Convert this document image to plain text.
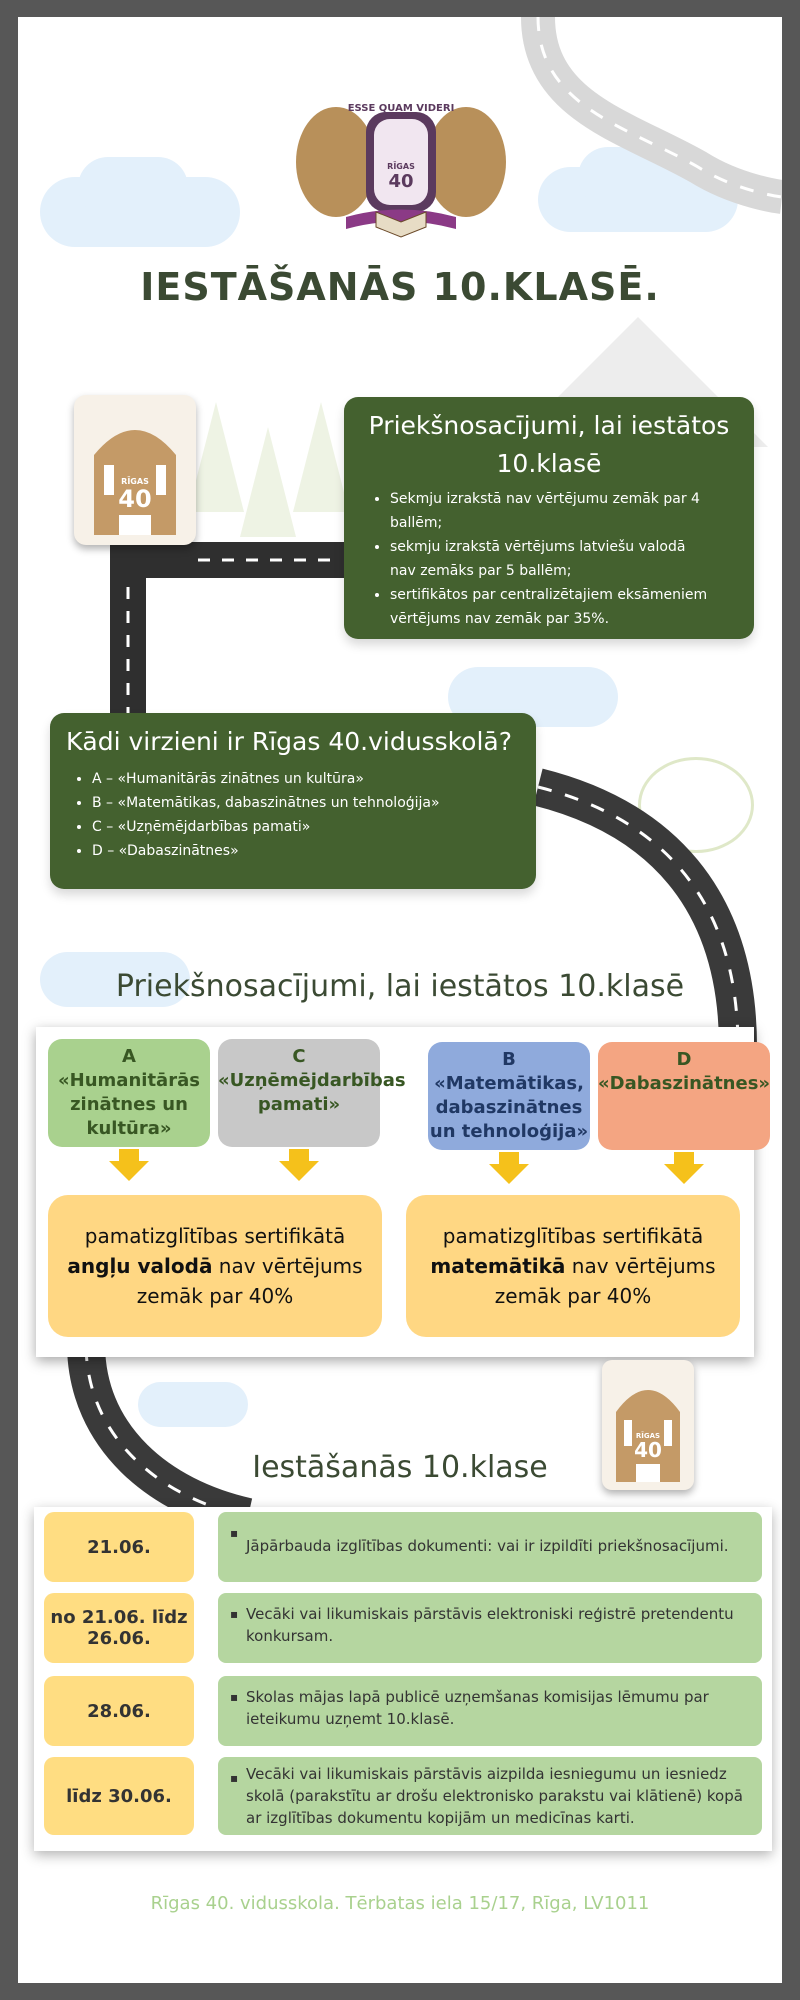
ESSE QUAM VIDERI
RĪGAS
40
IESTĀŠANĀS 10.KLASĒ.
RĪGAS
40
Priekšnosacījumi, lai iestātos 10.klasē
• Sekmju izrakstā nav vērtējumu zemāk par 4 ballēm;
• sekmju izrakstā vērtējums latviešu valodā nav zemāks par 5 ballēm;
• sertifikātos par centralizētajiem eksāmeniem vērtējums nav zemāk par 35%.
Kādi virzieni ir Rīgas 40.vidusskolā?
• A – «Humanitārās zinātnes un kultūra»
• B – «Matemātikas, dabaszinātnes un tehnoloģija»
• C – «Uzņēmējdarbības pamati»
• D – «Dabaszinātnes»
Priekšnosacījumi, lai iestātos 10.klasē
A
«Humanitārās zinātnes un kultūra»
C
«Uzņēmējdarbības pamati»
B
«Matemātikas, dabaszinātnes un tehnoloģija»
D
«Dabaszinātnes»
pamatizglītības sertifikātā angļu valodā nav vērtējums zemāk par 40%
pamatizglītības sertifikātā matemātikā nav vērtējums zemāk par 40%
RĪGAS
40
Iestāšanās 10.klase
21.06.
▪	Jāpārbauda izglītības dokumenti: vai ir izpildīti priekšnosacījumi.
no 21.06. līdz 26.06.
▪ Vecāki vai likumiskais pārstāvis elektroniski reģistrē pretendentu konkursam.
28.06.
▪ Skolas mājas lapā publicē uzņemšanas komisijas lēmumu par ieteikumu uzņemt 10.klasē.
līdz 30.06.
▪ Vecāki vai likumiskais pārstāvis aizpilda iesniegumu un iesniedz skolā (parakstītu ar drošu elektronisko parakstu vai klātienē) kopā ar izglītības dokumentu kopijām un medicīnas karti.
Rīgas 40. vidusskola. Tērbatas iela 15/17, Rīga, LV1011
